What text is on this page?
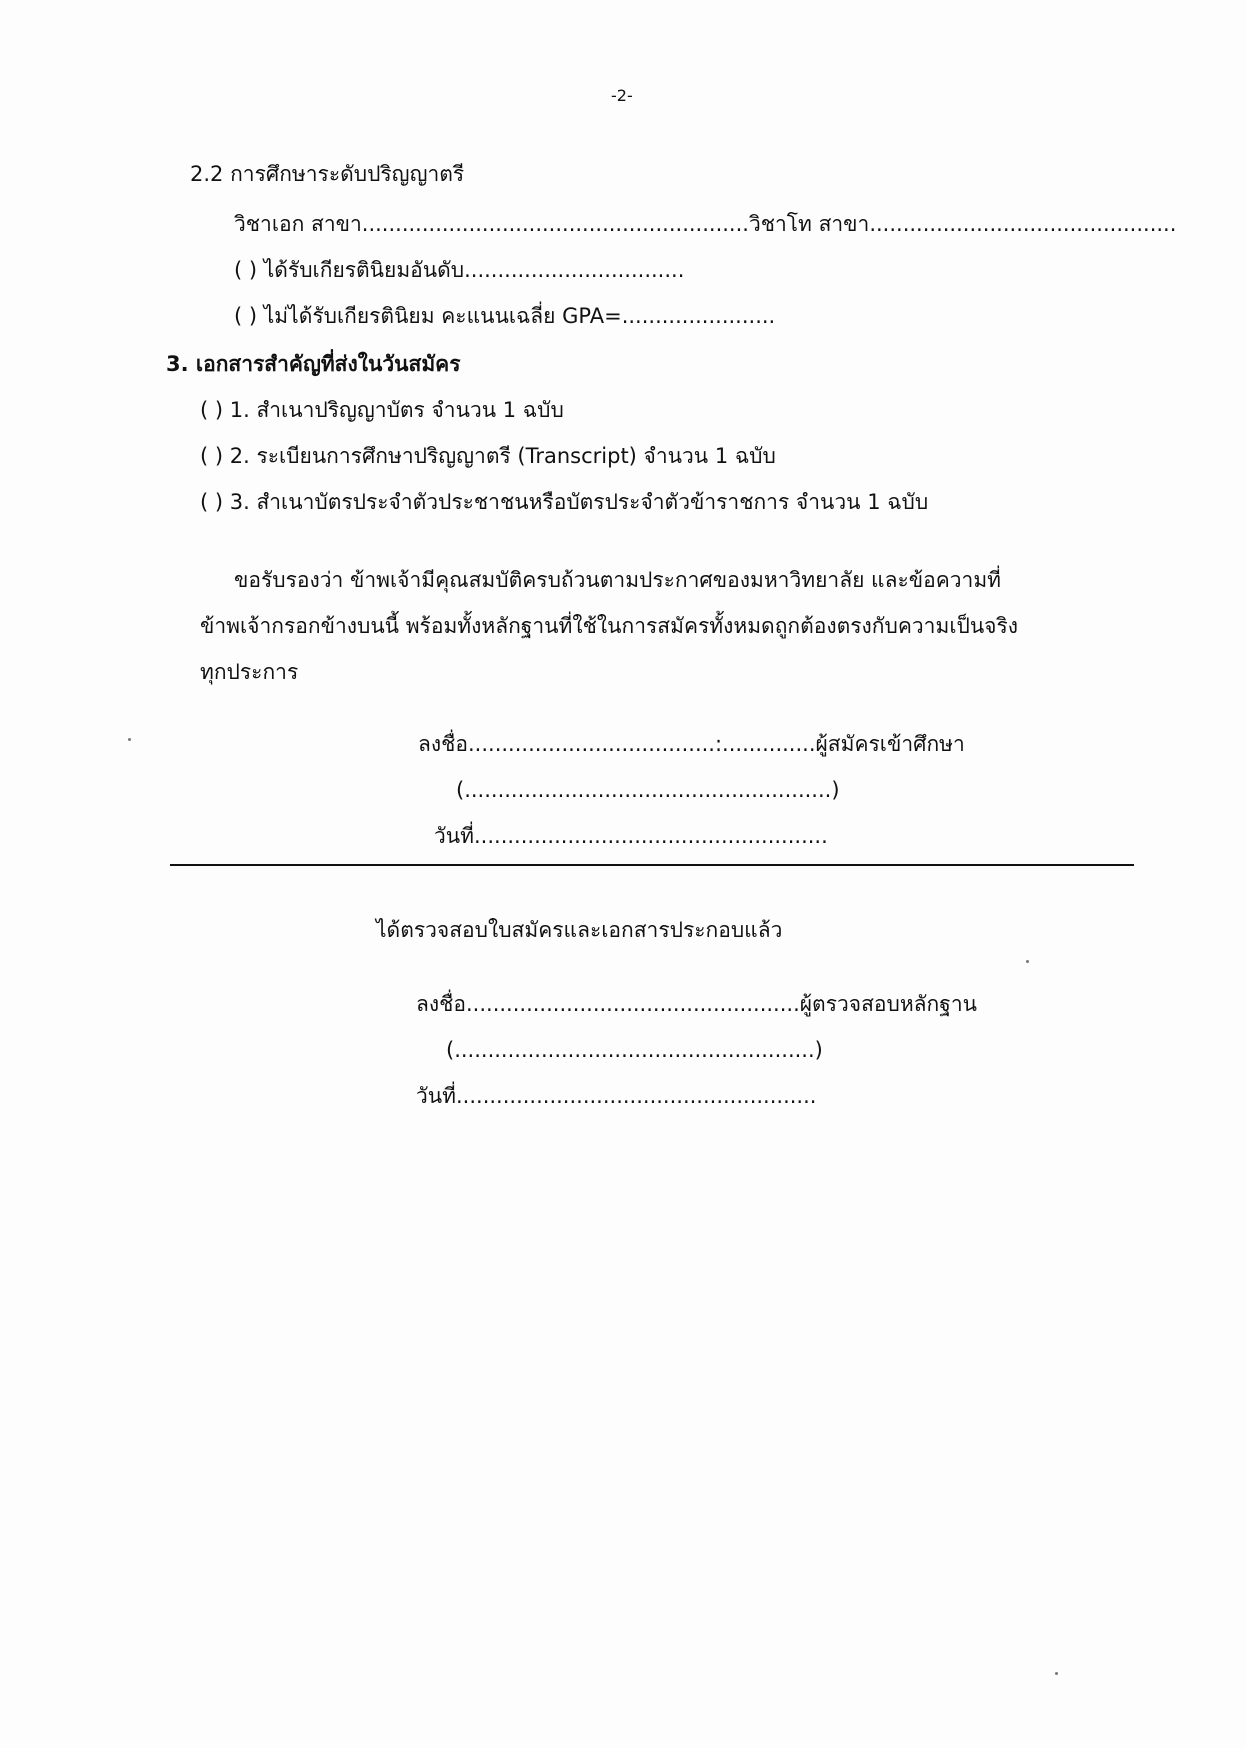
-2-
2.2 การศึกษาระดับปริญญาตรี
วิชาเอก สาขา..........................................................วิชาโท สาขา..............................................
( ) ได้รับเกียรตินิยมอันดับ.................................
( ) ไม่ได้รับเกียรตินิยม คะแนนเฉลี่ย GPA=.......................
3. เอกสารสำคัญที่ส่งในวันสมัคร
( ) 1. สำเนาปริญญาบัตร จำนวน 1 ฉบับ
( ) 2. ระเบียนการศึกษาปริญญาตรี (Transcript) จำนวน 1 ฉบับ
( ) 3. สำเนาบัตรประจำตัวประชาชนหรือบัตรประจำตัวข้าราชการ จำนวน 1 ฉบับ
ขอรับรองว่า ข้าพเจ้ามีคุณสมบัติครบถ้วนตามประกาศของมหาวิทยาลัย และข้อความที่
ข้าพเจ้ากรอกข้างบนนี้ พร้อมทั้งหลักฐานที่ใช้ในการสมัครทั้งหมดถูกต้องตรงกับความเป็นจริง
ทุกประการ
ลงชื่อ.....................................:..............ผู้สมัครเข้าศึกษา
(.......................................................)
วันที่.....................................................
ได้ตรวจสอบใบสมัครและเอกสารประกอบแล้ว
ลงชื่อ..................................................ผู้ตรวจสอบหลักฐาน
(......................................................)
วันที่......................................................
